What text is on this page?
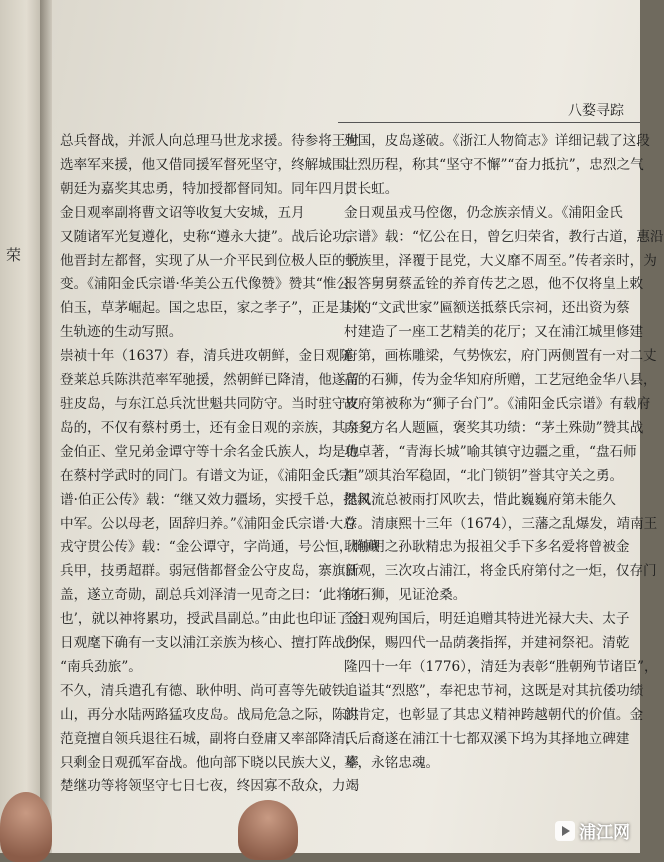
荣
八婺寻踪
总兵督战，并派人向总理马世龙求援。待参将王世
选率军来援，他又借同援军督死坚守，终解城围。
朝廷为嘉奖其忠勇，特加授都督同知。同年四月，
金日观率副将曹文诏等收复大安城，五月
又随诸军光复遵化，史称“遵永大捷”。战后论功，
他晋封左都督，实现了从一介平民到位极人臣的蜕
变。《浦阳金氏宗谱·华美公五代像赞》赞其“惟公
伯玉，草茅崛起。国之忠臣，家之孝子”，正是其人
生轨迹的生动写照。
崇祯十年（1637）春，清兵进攻朝鲜，金日观随
登莱总兵陈洪范率军驰援，然朝鲜已降清，他遂留
驻皮岛，与东江总兵沈世魁共同防守。当时驻守皮
岛的，不仅有蔡村勇士，还有金日观的亲族，其亲兄
金伯正、堂兄弟金谭守等十余名金氏族人，均是他
在蔡村学武时的同门。有谱文为证，《浦阳金氏宗
谱·伯正公传》载：“继又效力疆场，实授千总，提叙
中军。公以母老，固辞归养。”《浦阳金氏宗谱·大总
戎守贯公传》载：“金公谭守，字尚通，号公恒，胸藏
兵甲，技勇超群。弱冠偕都督金公守皮岛，寨旗新
盖，遂立奇勋，副总兵刘泽清一见奇之曰：‘此将才
也’，就以神将累功，授武昌副总。”由此也印证了金
日观麾下确有一支以浦江亲族为核心、擅打阵战的
“南兵劲旅”。
不久，清兵遣孔有德、耿仲明、尚可喜等先破铁
山，再分水陆两路猛攻皮岛。战局危急之际，陈洪
范竟擅自领兵退往石城，副将白登庸又率部降清，
只剩金日观孤军奋战。他向部下晓以民族大义，率
楚继功等将领坚守七日七夜，终因寡不敌众，力竭
殉国，皮岛遂破。《浙江人物简志》详细记载了这段
壮烈历程，称其“坚守不懈”“奋力抵抗”，忠烈之气
贯长虹。
金日观虽戎马倥偬，仍念族亲情义。《浦阳金氏
宗谱》载：“忆公在日，曾乞归荣省，教行古道，惠沿
于族里，泽覆于昆党，大义靡不周至。”传者亲时，为
报答舅舅蔡孟铨的养育传艺之恩，他不仅将皇上敕
封的“文武世家”匾额送抵蔡氏宗祠，还出资为蔡
村建造了一座工艺精美的花厅；又在浦江城里修建
府第，画栋雕梁，气势恢宏，府门两侧置有一对二丈
高的石狮，传为金华知府所赠，工艺冠绝金华八县，
故府第被称为“狮子台门”。《浦阳金氏宗谱》有载府
内多方名人题匾，褒奖其功绩：“茅土殊勋”赞其战
功卓著，“青海长城”喻其镇守边疆之重，“盘石师
桓”颂其治军稳固，“北门锁钥”誉其守关之勇。
然风流总被雨打风吹去，惜此巍巍府第未能久
存。清康熙十三年（1674），三藩之乱爆发，靖南王
耿仲明之孙耿精忠为报祖父手下多名爱将曾被金
日观，三次攻占浦江，将金氏府第付之一炬，仅存门
前石狮，见证沧桑。
金日观殉国后，明廷追赠其特进光禄大夫、太子
少保，赐四代一品荫袭指挥，并建祠祭祀。清乾
隆四十一年（1776），清廷为表彰“胜朝殉节诸臣”，
追谥其“烈愍”，奉祀忠节祠，这既是对其抗倭功绩
的肯定，也彰显了其忠义精神跨越朝代的价值。金
氏后裔遂在浦江十七都双溪下坞为其择地立碑建
墓，永铭忠魂。
浦江网
